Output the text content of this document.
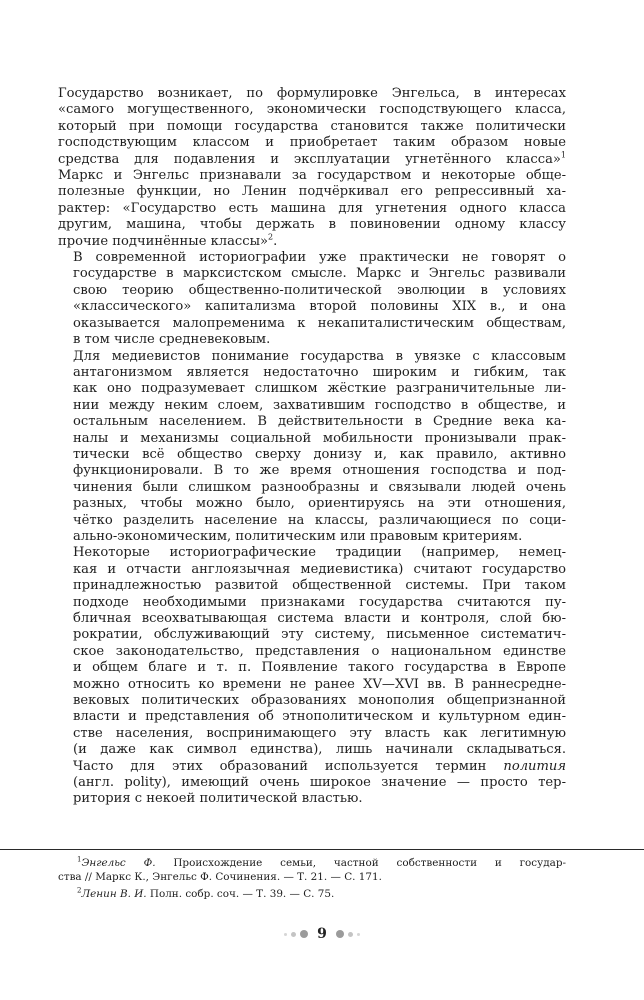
Государство возникает, по формулировке Энгельса, в интересах
«самого могущественного, экономически господствующего класса,
который при помощи государства становится также политически
господствующим классом и приобретает таким образом новые
средства для подавления и эксплуатации угнетённого класса»$^1$
Маркс и Энгельс признавали за государством и некоторые обще-
полезные функции, но Ленин подчёркивал его репрессивный ха-
рактер: «Государство есть машина для угнетения одного класса
другим, машина, чтобы держать в повиновении одному классу
прочие подчинённые классы»$^2$.

В современной историографии уже практически не говорят о
государстве в марксистском смысле. Маркс и Энгельс развивали
свою теорию общественно-политической эволюции в условиях
«классического» капитализма второй половины XIX в., и она
оказывается малопременима к некапиталистическим обществам,
в том числе средневековым.

Для медиевистов понимание государства в увязке с классовым
антагонизмом является недостаточно широким и гибким, так
как оно подразумевает слишком жёсткие разграничительные ли-
нии между неким слоем, захватившим господство в обществе, и
остальным населением. В действительности в Средние века ка-
налы и механизмы социальной мобильности пронизывали прак-
тически всё общество сверху донизу и, как правило, активно
функционировали. В то же время отношения господства и под-
чинения были слишком разнообразны и связывали людей очень
разных, чтобы можно было, ориентируясь на эти отношения,
чётко разделить население на классы, различающиеся по соци-
ально-экономическим, политическим или правовым критериям.

Некоторые историографические традиции (например, немец-
кая и отчасти англоязычная медиевистика) считают государство
принадлежностью развитой общественной системы. При таком
подходе необходимыми признаками государства считаются пу-
бличная всеохватывающая система власти и контроля, слой бю-
рократии, обслуживающий эту систему, письменное систематич-
ское законодательство, представления о национальном единстве
и общем благе и т. п. Появление такого государства в Европе
можно относить ко времени не ранее XV—XVI вв. В раннесредне-
вековых политических образованиях монополия общепризнанной
власти и представления об этнополитическом и культурном един-
стве населения, воспринимающего эту власть как легитимную
(и даже как символ единства), лишь начинали складываться.
Часто для этих образований используется термин полития
(англ. polity), имеющий очень широкое значение — просто тер-
ритория с некоей политической властью.

$^1$Энгельс Ф. Происхождение семьи, частной собственности и государ-

ства // Маркс К., Энгельс Ф. Сочинения. — Т. 21. — С. 171.

$^2$Ленин В. И. Полн. собр. соч. — Т. 39. — С. 75.

9
